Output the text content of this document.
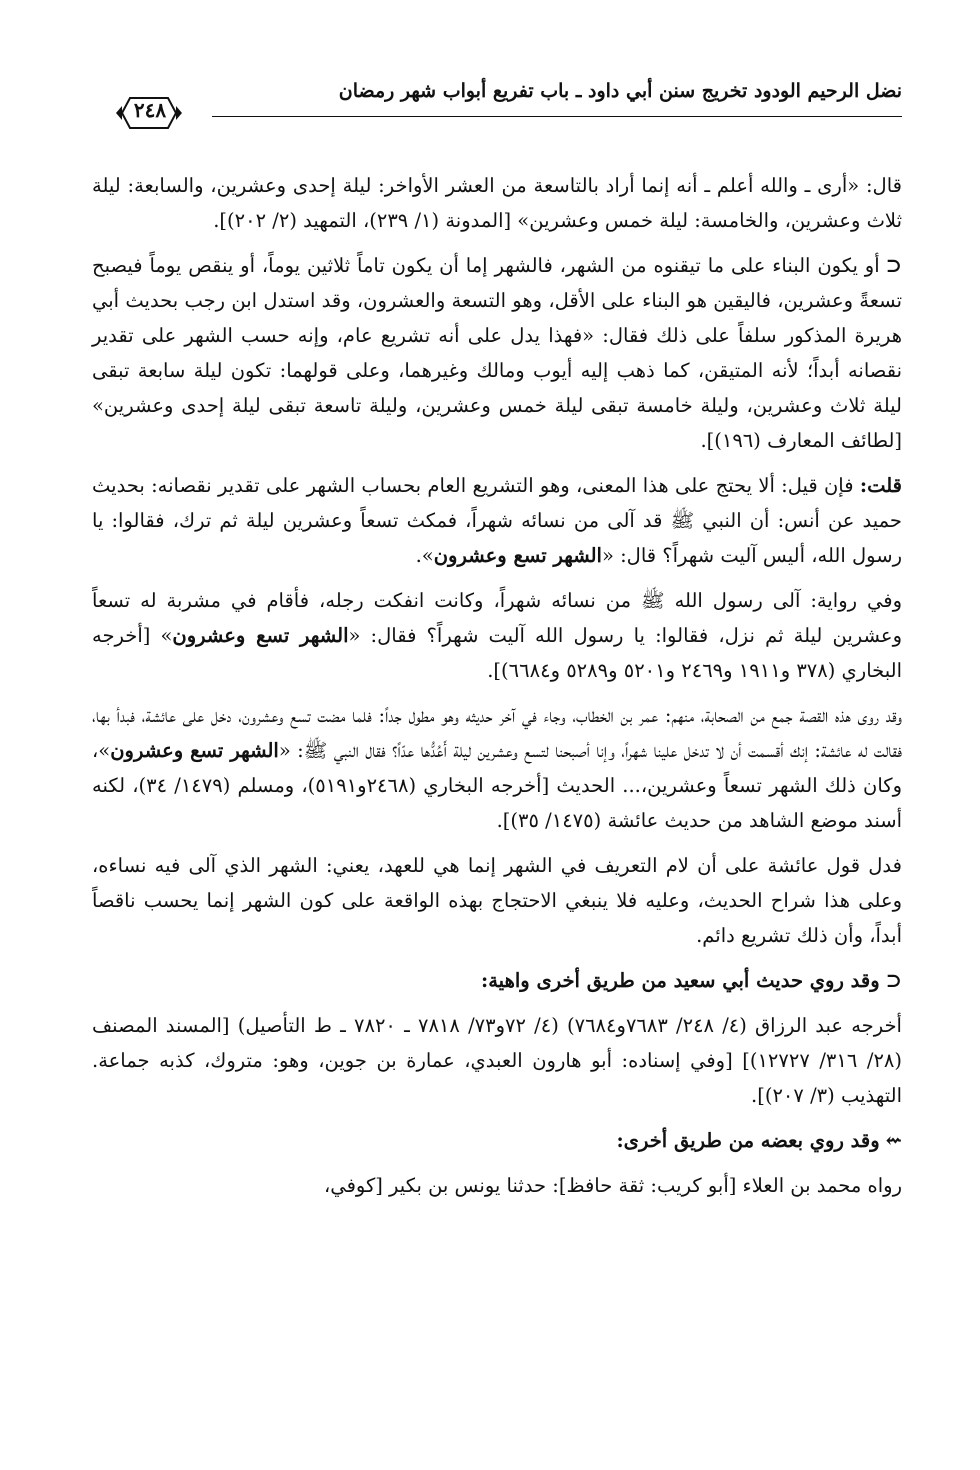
نضل الرحيم الودود تخريج سنن أبي داود ـ باب تفريع أبواب شهر رمضان
٢٤٨

قال: «أرى ـ والله أعلم ـ أنه إنما أراد بالتاسعة من العشر الأواخر: ليلة إحدى وعشرين، والسابعة: ليلة ثلاث وعشرين، والخامسة: ليلة خمس وعشرين» [المدونة (١/ ٢٣٩)، التمهيد (٢/ ٢٠٢)].

⊂أو يكون البناء على ما تيقنوه من الشهر، فالشهر إما أن يكون تاماً ثلاثين يوماً، أو ينقص يوماً فيصبح تسعةً وعشرين، فاليقين هو البناء على الأقل، وهو التسعة والعشرون، وقد استدل ابن رجب بحديث أبي هريرة المذكور سلفاً على ذلك فقال: «فهذا يدل على أنه تشريع عام، وإنه حسب الشهر على تقدير نقصانه أبداً؛ لأنه المتيقن، كما ذهب إليه أيوب ومالك وغيرهما، وعلى قولهما: تكون ليلة سابعة تبقى ليلة ثلاث وعشرين، وليلة خامسة تبقى ليلة خمس وعشرين، وليلة تاسعة تبقى ليلة إحدى وعشرين» [لطائف المعارف (١٩٦)].

قلت: فإن قيل: ألا يحتج على هذا المعنى، وهو التشريع العام بحساب الشهر على تقدير نقصانه: بحديث حميد عن أنس: أن النبي ﷺ قد آلى من نسائه شهراً، فمكث تسعاً وعشرين ليلة ثم ترك، فقالوا: يا رسول الله، أليس آليت شهراً؟ قال: «الشهر تسع وعشرون».

وفي رواية: آلى رسول الله ﷺ من نسائه شهراً، وكانت انفكت رجله، فأقام في مشربة له تسعاً وعشرين ليلة ثم نزل، فقالوا: يا رسول الله آليت شهراً؟ فقال: «الشهر تسع وعشرون» [أخرجه البخاري (٣٧٨ و١٩١١ و٢٤٦٩ و٥٢٠١ و٥٢٨٩ و٦٦٨٤)].

وقد روى هذه القصة جمع من الصحابة، منهم: عمر بن الخطاب، وجاء في آخر حديثه وهو مطول جداً: فلما مضت تسع وعشرون، دخل على عائشة، فبدأ بها، فقالت له عائشة: إنك أقسمت أن لا تدخل علينا شهراً، وإنا أصبحنا لتسع وعشرين ليلة أَعُدُّها عدّاً؟ فقال النبي ﷺ: «الشهر تسع وعشرون»، وكان ذلك الشهر تسعاً وعشرين،... الحديث [أخرجه البخاري (٢٤٦٨و٥١٩١)، ومسلم (١٤٧٩/ ٣٤)، لكنه أسند موضع الشاهد من حديث عائشة (١٤٧٥/ ٣٥)].

فدل قول عائشة على أن لام التعريف في الشهر إنما هي للعهد، يعني: الشهر الذي آلى فيه نساءه، وعلى هذا شراح الحديث، وعليه فلا ينبغي الاحتجاج بهذه الواقعة على كون الشهر إنما يحسب ناقصاً أبداً، وأن ذلك تشريع دائم.

⊂وقد روي حديث أبي سعيد من طريق أخرى واهية:

أخرجه عبد الرزاق (٤/ ٢٤٨/ ٧٦٨٣و٧٦٨٤) (٤/ ٧٢و٧٣/ ٧٨١٨ ـ ٧٨٢٠ ـ ط التأصيل) [المسند المصنف (٢٨/ ٣١٦/ ١٢٧٢٧)] [وفي إسناده: أبو هارون العبدي، عمارة بن جوين، وهو: متروك، كذبه جماعة. التهذيب (٣/ ٢٠٧)].

⇜وقد روي بعضه من طريق أخرى:

رواه محمد بن العلاء [أبو كريب: ثقة حافظ]: حدثنا يونس بن بكير [كوفي،
